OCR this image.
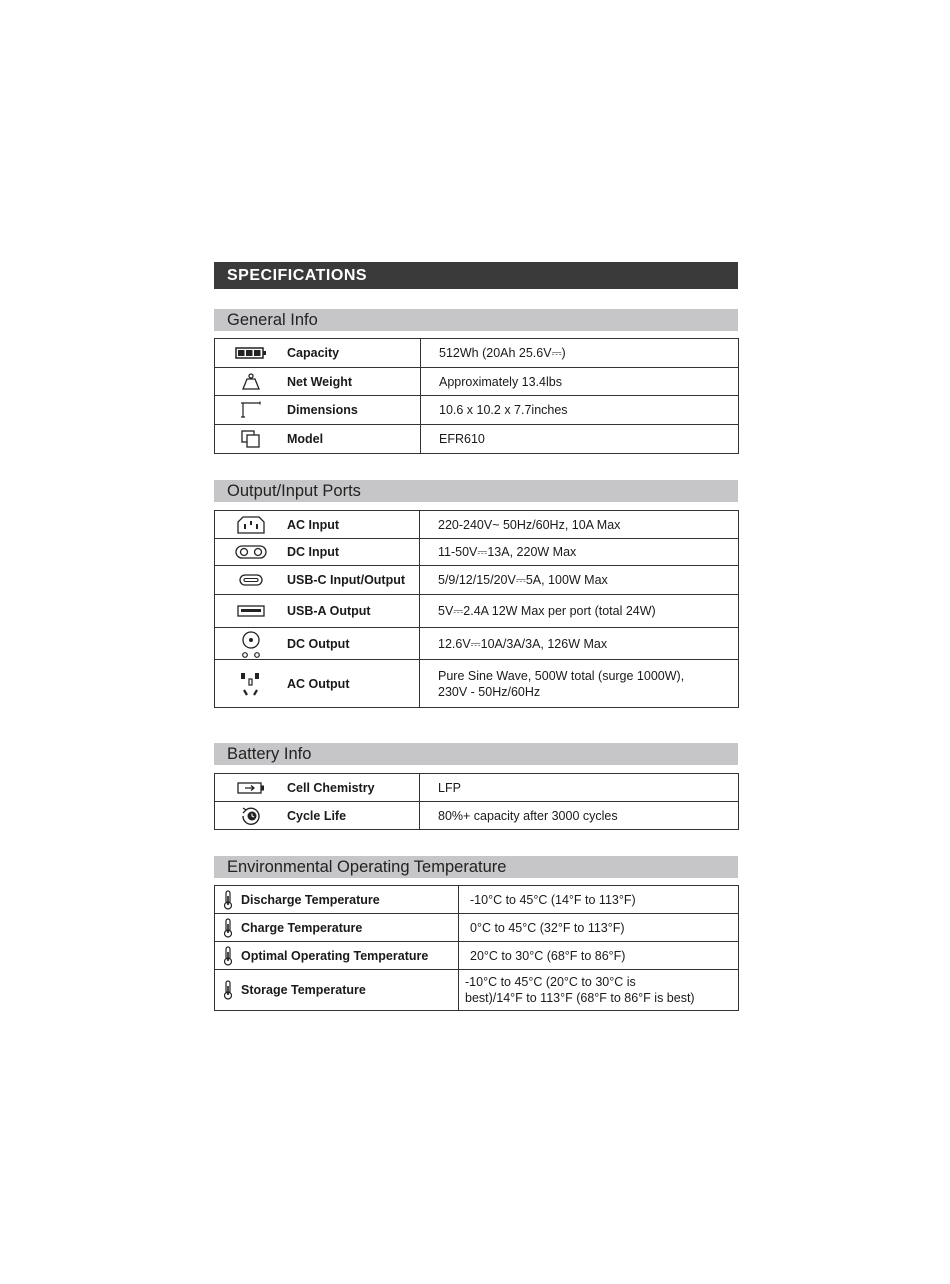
SPECIFICATIONS
General Info
Capacity	512Wh (20Ah 25.6V⎓)

Net Weight	Approximately 13.4lbs

Dimensions	10.6 x 10.2 x 7.7inches

Model	EFR610
Output/Input Ports
AC Input	220-240V~ 50Hz/60Hz, 10A Max

DC Input	11-50V⎓13A, 220W Max

USB-C Input/Output	5/9/12/15/20V⎓5A, 100W Max

USB-A Output	5V⎓2.4A 12W Max per port (total 24W)

DC Output	12.6V⎓10A/3A/3A, 126W Max

AC Output	Pure Sine Wave, 500W total (surge 1000W),
230V - 50Hz/60Hz
Battery Info
Cell Chemistry	LFP

Cycle Life	80%+ capacity after 3000 cycles
Environmental Operating Temperature
Discharge Temperature	-10°C to 45°C (14°F to 113°F)

Charge Temperature	0°C to 45°C (32°F to 113°F)

Optimal Operating Temperature	20°C to 30°C (68°F to 86°F)

Storage Temperature	-10°C to 45°C (20°C to 30°C is
best)/14°F to 113°F (68°F to 86°F is best)
